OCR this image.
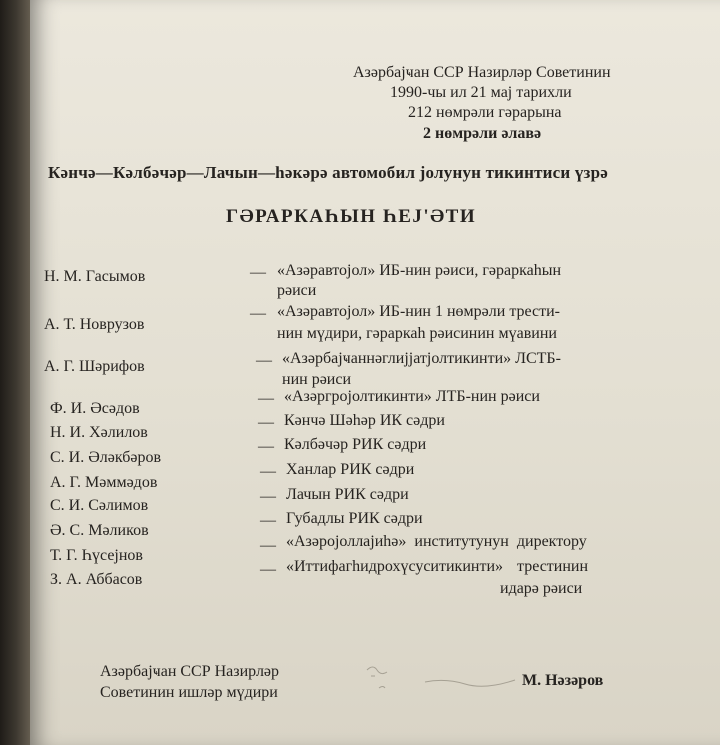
Азәрбајҹан ССР Назирләр Советинин
1990-чы ил 21 мај тарихли
212 нөмрәли гәрарына
2 нөмрәли әлавә
Кәнчә—Кәлбәчәр—Лачын—һәкәрә автомобил јолунун тикинтиси үзрә
ГӘРАРКАҺЫН ҺЕЈ'ӘТИ
Н. М. Гасымов	— «Азәравтојол» ИБ-нин рәиси, гәраркаһын
рәиси
А. Т. Новрузов
— «Азәравтојол» ИБ-нин 1 нөмрәли трести-
нин мүдири, гәраркаһ рәисинин мүавини
А. Г. Шәрифов	— «Азәрбајҹаннәглијјатјолтикинти» ЛСТБ-
нин рәиси
Ф. И. Әсәдов
— «Азәргројолтикинти» ЛТБ-нин рәиси
Н. И. Хәлилов
— Кәнчә Шәһәр ИК сәдри
С. И. Әләкбәров
— Кәлбәчәр РИК сәдри
А. Г. Мәммәдов
— Ханлар РИК сәдри
С. И. Сәлимов
— Лачын РИК сәдри
Ә. С. Мәликов
— Губадлы РИК сәдри
Т. Г. Һүсејнов
— «Азәројоллајиһә» институтунун директору
З. А. Аббасов
— «Иттифагһидрохүсуситикинти» трестинин
идарә рәиси
Азәрбајҹан ССР Назирләр
Советинин ишләр мүдири
М. Нәзәров
